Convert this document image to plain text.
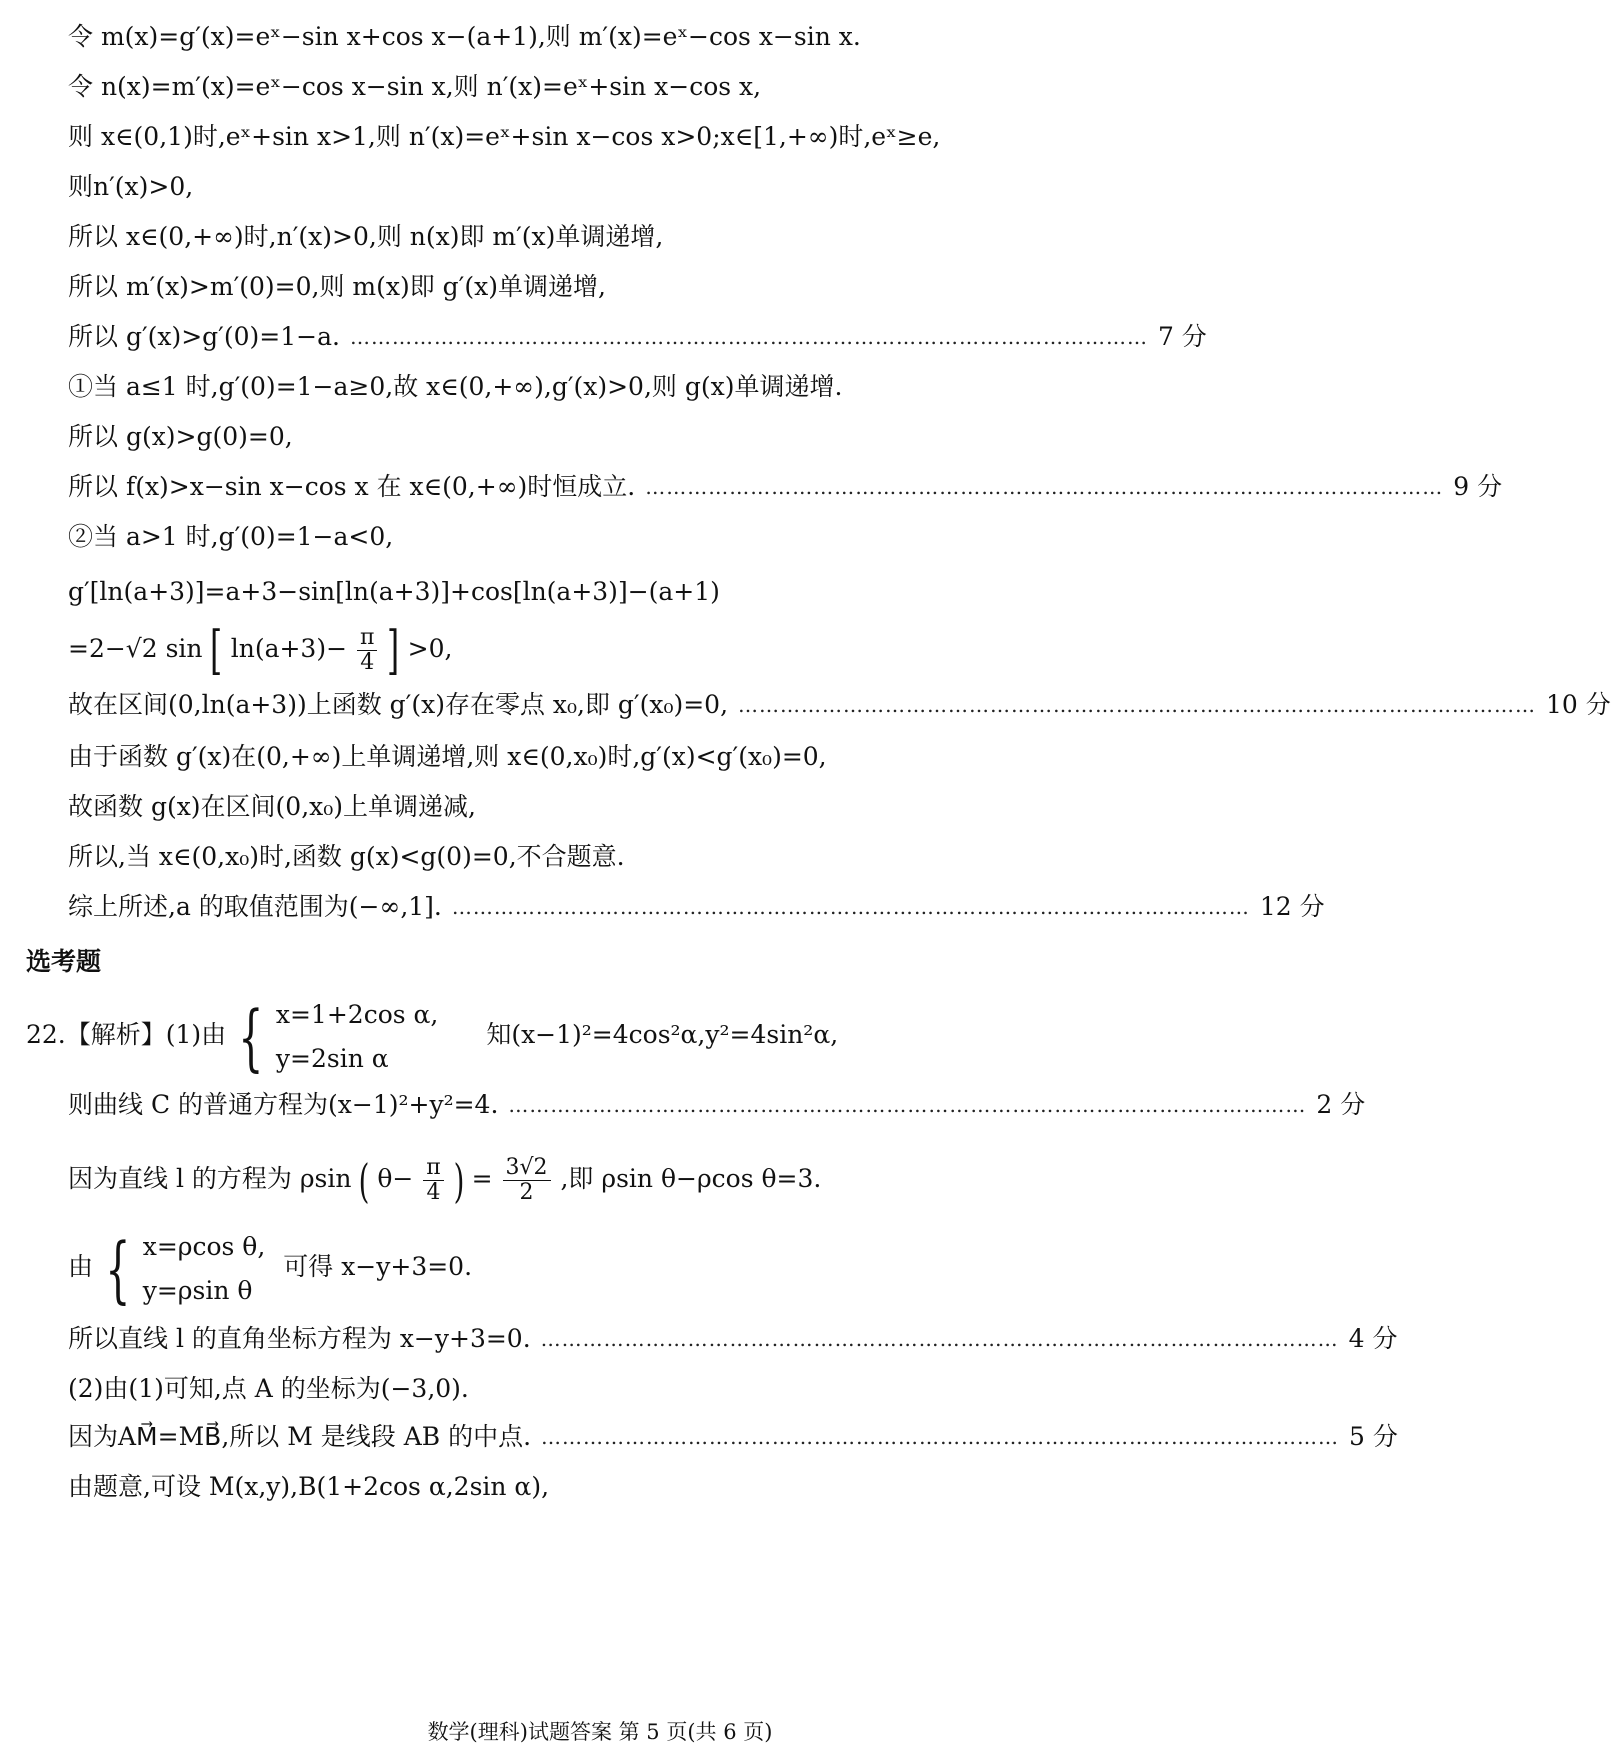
令 m(x)=g′(x)=eˣ−sin x+cos x−(a+1),则 m′(x)=eˣ−cos x−sin x.
令 n(x)=m′(x)=eˣ−cos x−sin x,则 n′(x)=eˣ+sin x−cos x,
则 x∈(0,1)时,eˣ+sin x>1,则 n′(x)=eˣ+sin x−cos x>0;x∈[1,+∞)时,eˣ≥e,
则n′(x)>0,
所以 x∈(0,+∞)时,n′(x)>0,则 n(x)即 m′(x)单调递增,
所以 m′(x)>m′(0)=0,则 m(x)即 g′(x)单调递增,
所以 g′(x)>g′(0)=1−a. …………………………………………………………………………………………………… 7 分
①当 a≤1 时,g′(0)=1−a≥0,故 x∈(0,+∞),g′(x)>0,则 g(x)单调递增.
所以 g(x)>g(0)=0,
所以 f(x)>x−sin x−cos x 在 x∈(0,+∞)时恒成立. …………………………………………………………………………………………………… 9 分
②当 a>1 时,g′(0)=1−a<0,
g′[ln(a+3)]=a+3−sin[ln(a+3)]+cos[ln(a+3)]−(a+1)
=2−√2 sin [ $\ln(a+3)- \frac{\pi}{4}$ ] >0,
故在区间(0,ln(a+3))上函数 g′(x)存在零点 x₀,即 g′(x₀)=0, …………………………………………………………………………………………………… 10 分
由于函数 g′(x)在(0,+∞)上单调递增,则 x∈(0,x₀)时,g′(x)<g′(x₀)=0,
故函数 g(x)在区间(0,x₀)上单调递减,
所以,当 x∈(0,x₀)时,函数 g(x)<g(0)=0,不合题意.
综上所述,a 的取值范围为(−∞,1]. …………………………………………………………………………………………………… 12 分
选考题
22.【解析】(1)由 { x=1+2cos α,
y=2sin α
知(x−1)²=4cos²α,y²=4sin²α,
则曲线 C 的普通方程为(x−1)²+y²=4. …………………………………………………………………………………………………… 2 分
因为直线 l 的方程为 ρsin ( $\theta- \frac{\pi}{4}$ ) = $\frac{3√2}{2}$ ,即 ρsin θ−ρcos θ=3.
由 { x=ρcos θ,
y=ρsin θ
可得 x−y+3=0.
所以直线 l 的直角坐标方程为 x−y+3=0. …………………………………………………………………………………………………… 4 分
(2)由(1)可知,点 A 的坐标为(−3,0).
因为AM⃗=MB⃗,所以 M 是线段 AB 的中点. …………………………………………………………………………………………………… 5 分
由题意,可设 M(x,y),B(1+2cos α,2sin α),
数学(理科)试题答案 第 5 页(共 6 页)
